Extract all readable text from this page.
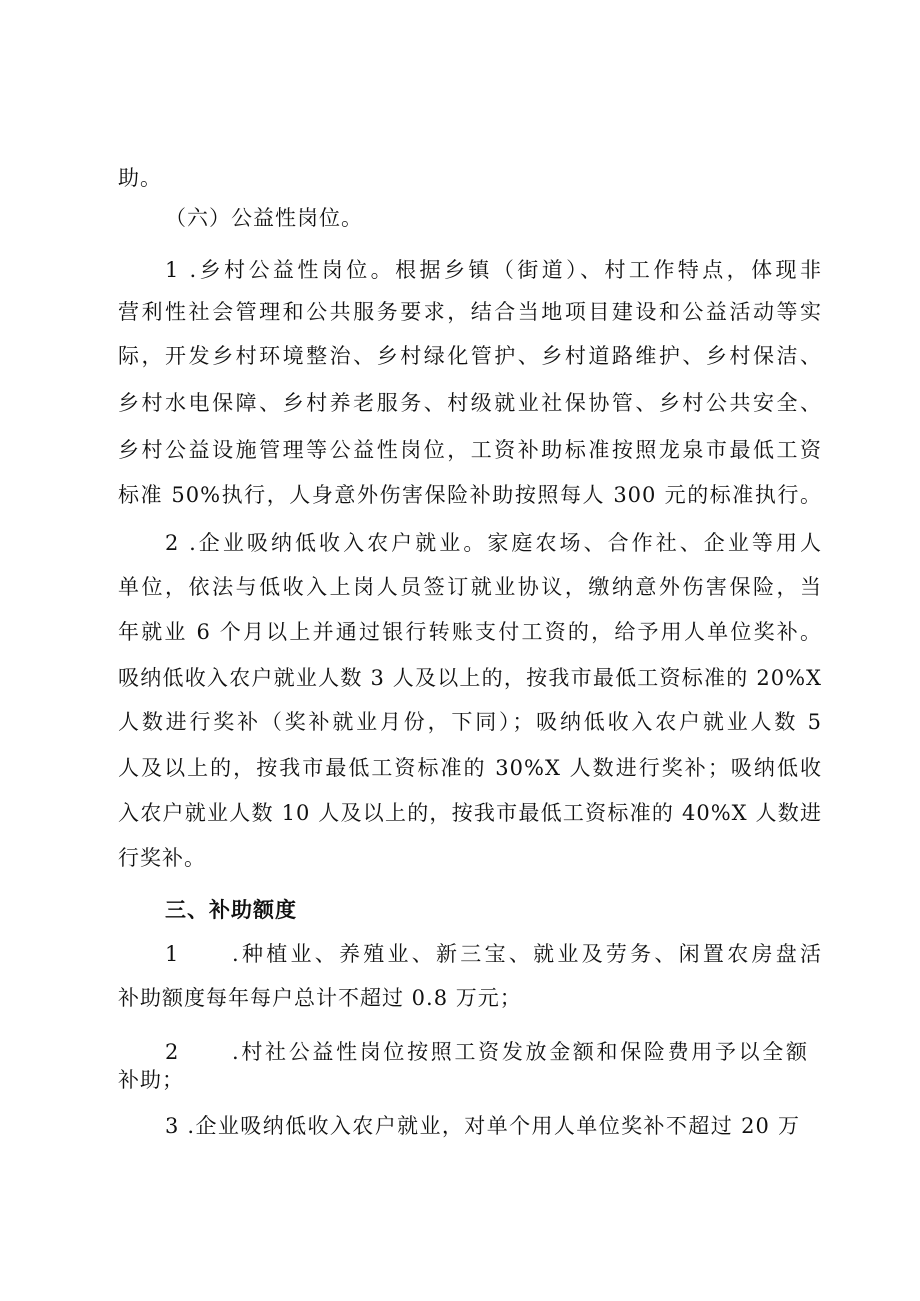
助。
（六）公益性岗位。
1 .乡村公益性岗位。根据乡镇（街道）、村工作特点，体现非
营利性社会管理和公共服务要求，结合当地项目建设和公益活动等实
际，开发乡村环境整治、乡村绿化管护、乡村道路维护、乡村保洁、
乡村水电保障、乡村养老服务、村级就业社保协管、乡村公共安全、
乡村公益设施管理等公益性岗位，工资补助标准按照龙泉市最低工资
标准 50%执行，人身意外伤害保险补助按照每人 300 元的标准执行。
2 .企业吸纳低收入农户就业。家庭农场、合作社、企业等用人
单位，依法与低收入上岗人员签订就业协议，缴纳意外伤害保险，当
年就业 6 个月以上并通过银行转账支付工资的，给予用人单位奖补。
吸纳低收入农户就业人数 3 人及以上的，按我市最低工资标准的 20%X
人数进行奖补（奖补就业月份，下同）；吸纳低收入农户就业人数 5
人及以上的，按我市最低工资标准的 30%X 人数进行奖补；吸纳低收
入农户就业人数 10 人及以上的，按我市最低工资标准的 40%X 人数进
行奖补。
三、补助额度
1	.种植业、养殖业、新三宝、就业及劳务、闲置农房盘活
补助额度每年每户总计不超过 0.8 万元；
2	.村社公益性岗位按照工资发放金额和保险费用予以全额
补助；
3 .企业吸纳低收入农户就业，对单个用人单位奖补不超过 20 万
